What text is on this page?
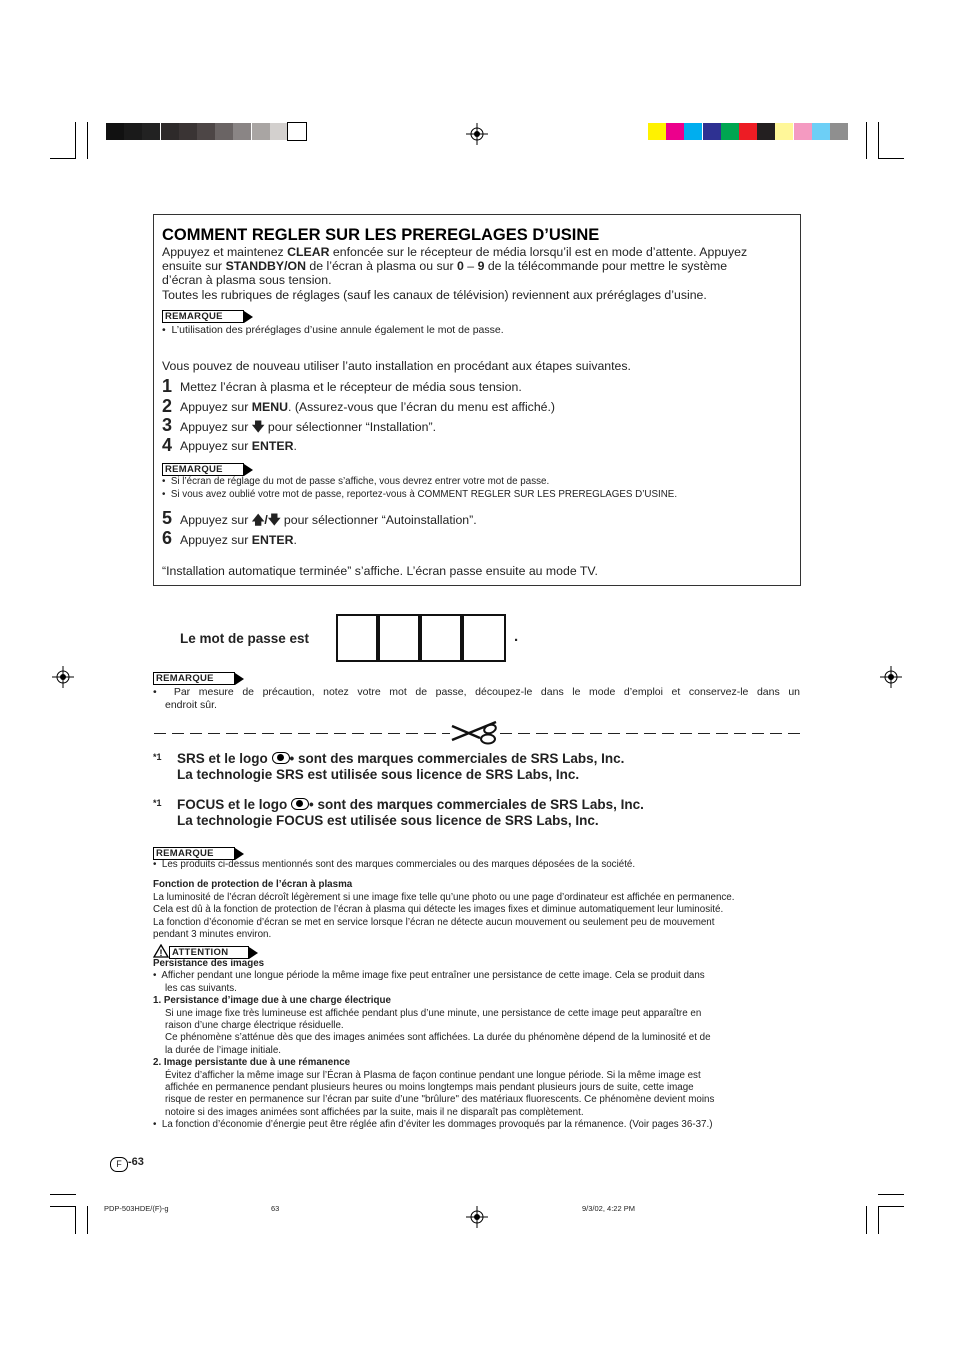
COMMENT REGLER SUR LES PREREGLAGES D’USINE
Appuyez et maintenez CLEAR enfoncée sur le récepteur de média lorsqu’il est en mode d’attente. Appuyez
ensuite sur STANDBY/ON de l’écran à plasma ou sur 0 – 9 de la télécommande pour mettre le système
d’écran à plasma sous tension.
Toutes les rubriques de réglages (sauf les canaux de télévision) reviennent aux préréglages d’usine.
REMARQUE
•  L’utilisation des préréglages d’usine annule également le mot de passe.
Vous pouvez de nouveau utiliser l’auto installation en procédant aux étapes suivantes.
1 Mettez l’écran à plasma et le récepteur de média sous tension.
2 Appuyez sur MENU. (Assurez-vous que l’écran du menu est affiché.)
3 Appuyez sur 🡇 pour sélectionner “Installation”.
4 Appuyez sur ENTER.
REMARQUE
•  Si l’écran de réglage du mot de passe s’affiche, vous devrez entrer votre mot de passe.
•  Si vous avez oublié votre mot de passe, reportez-vous à COMMENT REGLER SUR LES PREREGLAGES D’USINE.
5 Appuyez sur 🡅/🡇 pour sélectionner “Autoinstallation”.
6 Appuyez sur ENTER.
“Installation automatique terminée” s’affiche. L’écran passe ensuite au mode TV.
Le mot de passe est	.
REMARQUE
•  Par mesure de précaution, notez votre mot de passe, découpez-le dans le mode d’emploi et conservez-le dans un
endroit sûr.
*1 SRS et le logo • sont des marques commerciales de SRS Labs, Inc.
La technologie SRS est utilisée sous licence de SRS Labs, Inc.
*1 FOCUS et le logo • sont des marques commerciales de SRS Labs, Inc.
La technologie FOCUS est utilisée sous licence de SRS Labs, Inc.
REMARQUE
•  Les produits ci-dessus mentionnés sont des marques commerciales ou des marques déposées de la société.
Fonction de protection de l’écran à plasma
La luminosité de l’écran décroît légèrement si une image fixe telle qu’une photo ou une page d’ordinateur est affichée en permanence.
Cela est dû à la fonction de protection de l’écran à plasma qui détecte les images fixes et diminue automatiquement leur luminosité.
La fonction d’économie d’écran se met en service lorsque l’écran ne détecte aucun mouvement ou seulement peu de mouvement
pendant 3 minutes environ.
!	ATTENTION
Persistance des images
•  Afficher pendant une longue période la même image fixe peut entraîner une persistance de cette image. Cela se produit dans
les cas suivants.
1. Persistance d’image due à une charge électrique
Si une image fixe très lumineuse est affichée pendant plus d’une minute, une persistance de cette image peut apparaître en
raison d’une charge électrique résiduelle.
Ce phénomène s’atténue dès que des images animées sont affichées. La durée du phénomène dépend de la luminosité et de
la durée de l’image initiale.
2. Image persistante due à une rémanence
Évitez d’afficher la même image sur l’Écran à Plasma de façon continue pendant une longue période. Si la même image est
affichée en permanence pendant plusieurs heures ou moins longtemps mais pendant plusieurs jours de suite, cette image
risque de rester en permanence sur l’écran par suite d’une "brûlure" des matériaux fluorescents. Ce phénomène devient moins
notoire si des images animées sont affichées par la suite, mais il ne disparaît pas complètement.
•  La fonction d’économie d’énergie peut être réglée afin d’éviter les dommages provoqués par la rémanence. (Voir pages 36-37.)
F -63
PDP-503HDE/(F)-g	63	9/3/02, 4:22 PM
